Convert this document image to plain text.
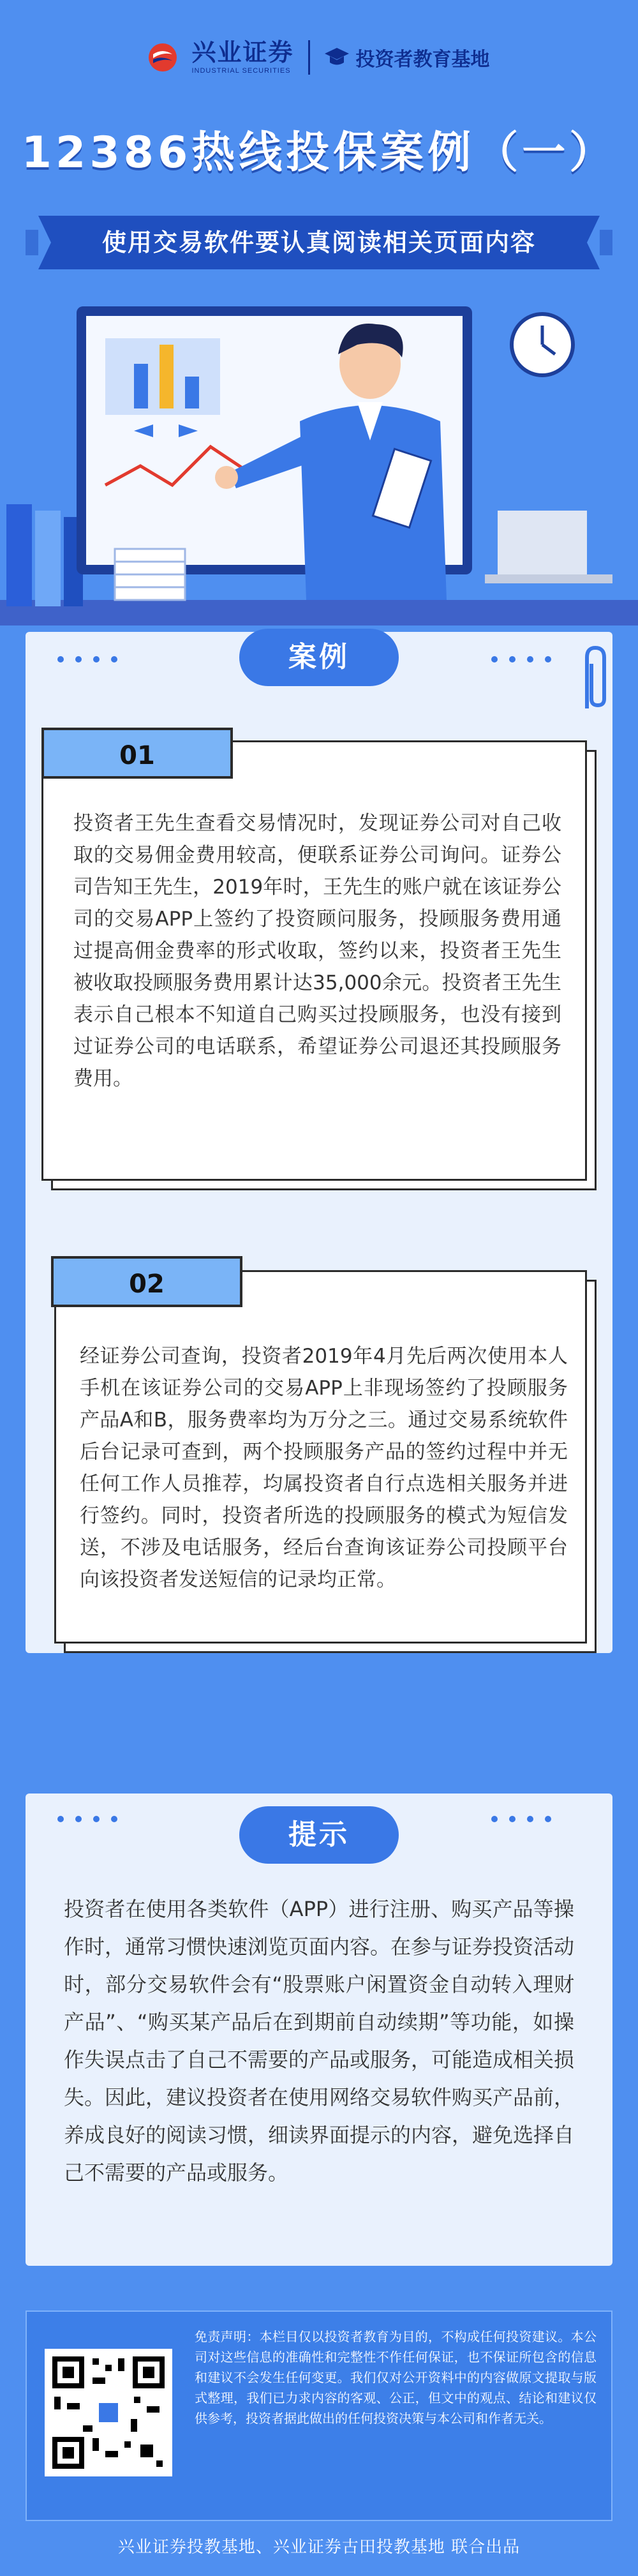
兴业证券
INDUSTRIAL SECURITIES	投资者教育基地
12386热线投保案例（一）
使用交易软件要认真阅读相关页面内容
案例
01
投资者王先生查看交易情况时，发现证券公司对自己收取的交易佣金费用较高，便联系证券公司询问。证券公司告知王先生，2019年时，王先生的账户就在该证券公司的交易APP上签约了投资顾问服务，投顾服务费用通过提高佣金费率的形式收取，签约以来，投资者王先生被收取投顾服务费用累计达35,000余元。投资者王先生表示自己根本不知道自己购买过投顾服务，也没有接到过证券公司的电话联系，希望证券公司退还其投顾服务费用。
02
经证券公司查询，投资者2019年4月先后两次使用本人手机在该证券公司的交易APP上非现场签约了投顾服务产品A和B，服务费率均为万分之三。通过交易系统软件后台记录可查到，两个投顾服务产品的签约过程中并无任何工作人员推荐，均属投资者自行点选相关服务并进行签约。同时，投资者所选的投顾服务的模式为短信发送，不涉及电话服务，经后台查询该证券公司投顾平台向该投资者发送短信的记录均正常。
提示
投资者在使用各类软件（APP）进行注册、购买产品等操作时，通常习惯快速浏览页面内容。在参与证券投资活动时，部分交易软件会有“股票账户闲置资金自动转入理财产品”、“购买某产品后在到期前自动续期”等功能，如操作失误点击了自己不需要的产品或服务，可能造成相关损失。因此，建议投资者在使用网络交易软件购买产品前，养成良好的阅读习惯，细读界面提示的内容，避免选择自己不需要的产品或服务。
免责声明：本栏目仅以投资者教育为目的，不构成任何投资建议。本公司对这些信息的准确性和完整性不作任何保证，也不保证所包含的信息和建议不会发生任何变更。我们仅对公开资料中的内容做原文提取与版式整理，我们已力求内容的客观、公正，但文中的观点、结论和建议仅供参考，投资者据此做出的任何投资决策与本公司和作者无关。
兴业证券投教基地、兴业证券古田投教基地 联合出品
